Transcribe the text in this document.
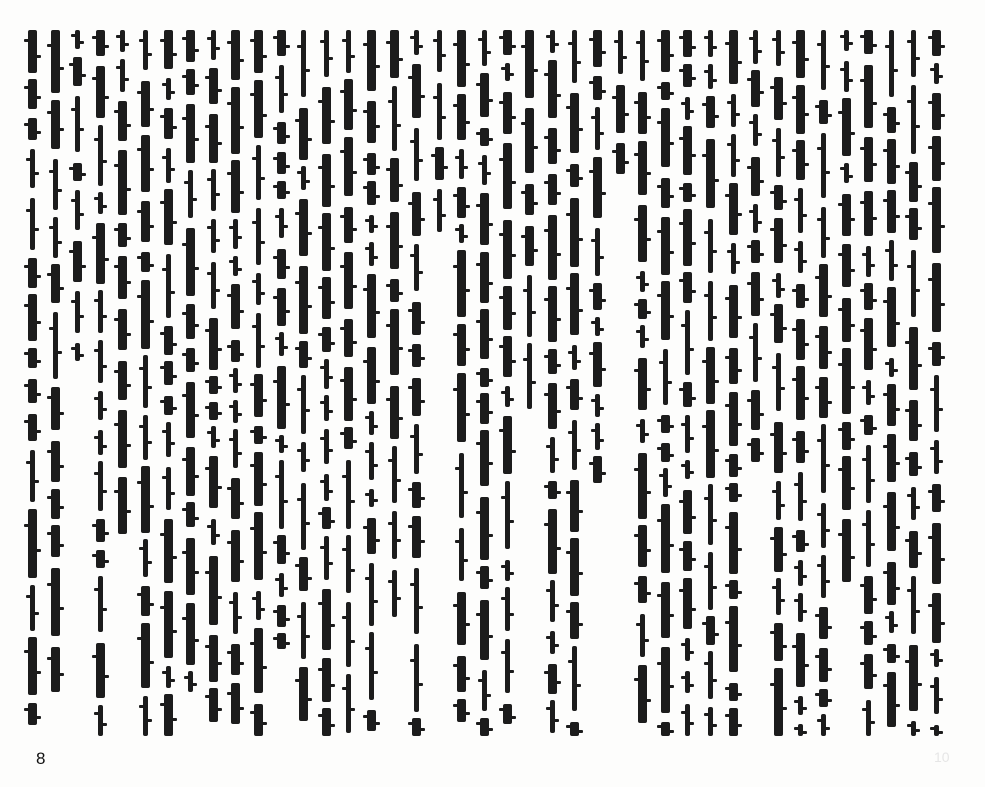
8	10
